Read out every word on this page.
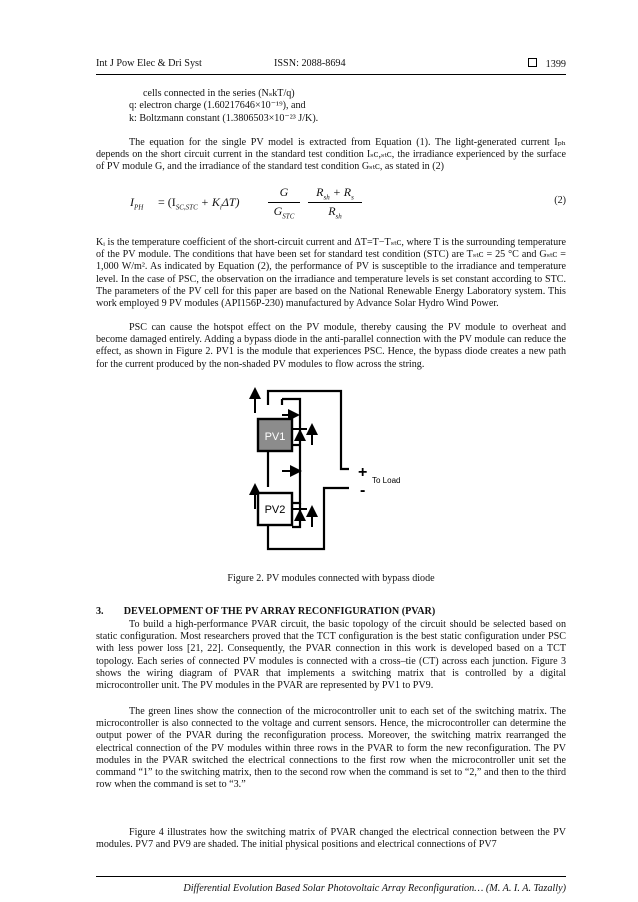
Int J Pow Elec & Dri Syst	ISSN: 2088-8694	1399
cells connected in the series (NₛkT/q)
q: electron charge (1.60217646×10⁻¹⁹), and
k: Boltzmann constant (1.3806503×10⁻²³ J/K).
The equation for the single PV model is extracted from Equation (1). The light-generated current Iₚₕ depends on the short circuit current in the standard test condition Iₛᴄ,ₛₜᴄ, the irradiance experienced by the surface of PV module G, and the irradiance of the standard test condition Gₛₜᴄ, as stated in (2)
$I_{PH} = (I_{SC,STC} + K_i\Delta T)$
G
$G_{STC}$
$R_{sh} + R_s$
$R_{sh}$
(2)
Kᵢ is the temperature coefficient of the short-circuit current and ΔT=T−Tₛₜᴄ, where T is the surrounding temperature of the PV module. The conditions that have been set for standard test condition (STC) are Tₛₜᴄ = 25 °C and Gₛₜᴄ = 1,000 W/m². As indicated by Equation (2), the performance of PV is susceptible to the irradiance and temperature level. In the case of PSC, the observation on the irradiance and temperature levels is set constant according to STC. The parameters of the PV cell for this paper are based on the National Renewable Energy Laboratory system. This work employed 9 PV modules (API156P-230) manufactured by Advance Solar Hydro Wind Power.
PSC can cause the hotspot effect on the PV module, thereby causing the PV module to overheat and become damaged entirely. Adding a bypass diode in the anti-parallel connection with the PV module can reduce the effect, as shown in Figure 2. PV1 is the module that experiences PSC. Hence, the bypass diode creates a new path for the current produced by the non-shaded PV modules to flow across the string.
PV1
PV2
+
-
To Load
Figure 2. PV modules connected with bypass diode
3.  DEVELOPMENT OF THE PV ARRAY RECONFIGURATION (PVAR)
To build a high-performance PVAR circuit, the basic topology of the circuit should be selected based on static configuration. Most researchers proved that the TCT configuration is the best static configuration under PSC with less power loss [21, 22]. Consequently, the PVAR connection in this work is developed based on a TCT topology. Each series of connected PV modules is connected with a cross–tie (CT) across each junction. Figure 3 shows the wiring diagram of PVAR that implements a switching matrix that is controlled by a digital microcontroller unit. The PV modules in the PVAR are represented by PV1 to PV9.
The green lines show the connection of the microcontroller unit to each set of the switching matrix. The microcontroller is also connected to the voltage and current sensors. Hence, the microcontroller can determine the output power of the PVAR during the reconfiguration process. Moreover, the switching matrix rearranged the electrical connection of the PV modules within three rows in the PVAR to form the new reconfiguration. The PV modules in the PVAR switched the electrical connections to the first row when the microcontroller unit set the command “1” to the switching matrix, then to the second row when the command is set to “2,” and then to the third row when the command is set to “3.”
Figure 4 illustrates how the switching matrix of PVAR changed the electrical connection between the PV modules. PV7 and PV9 are shaded. The initial physical positions and electrical connections of PV7
Differential Evolution Based Solar Photovoltaic Array Reconfiguration… (M. A. I. A. Tazally)
